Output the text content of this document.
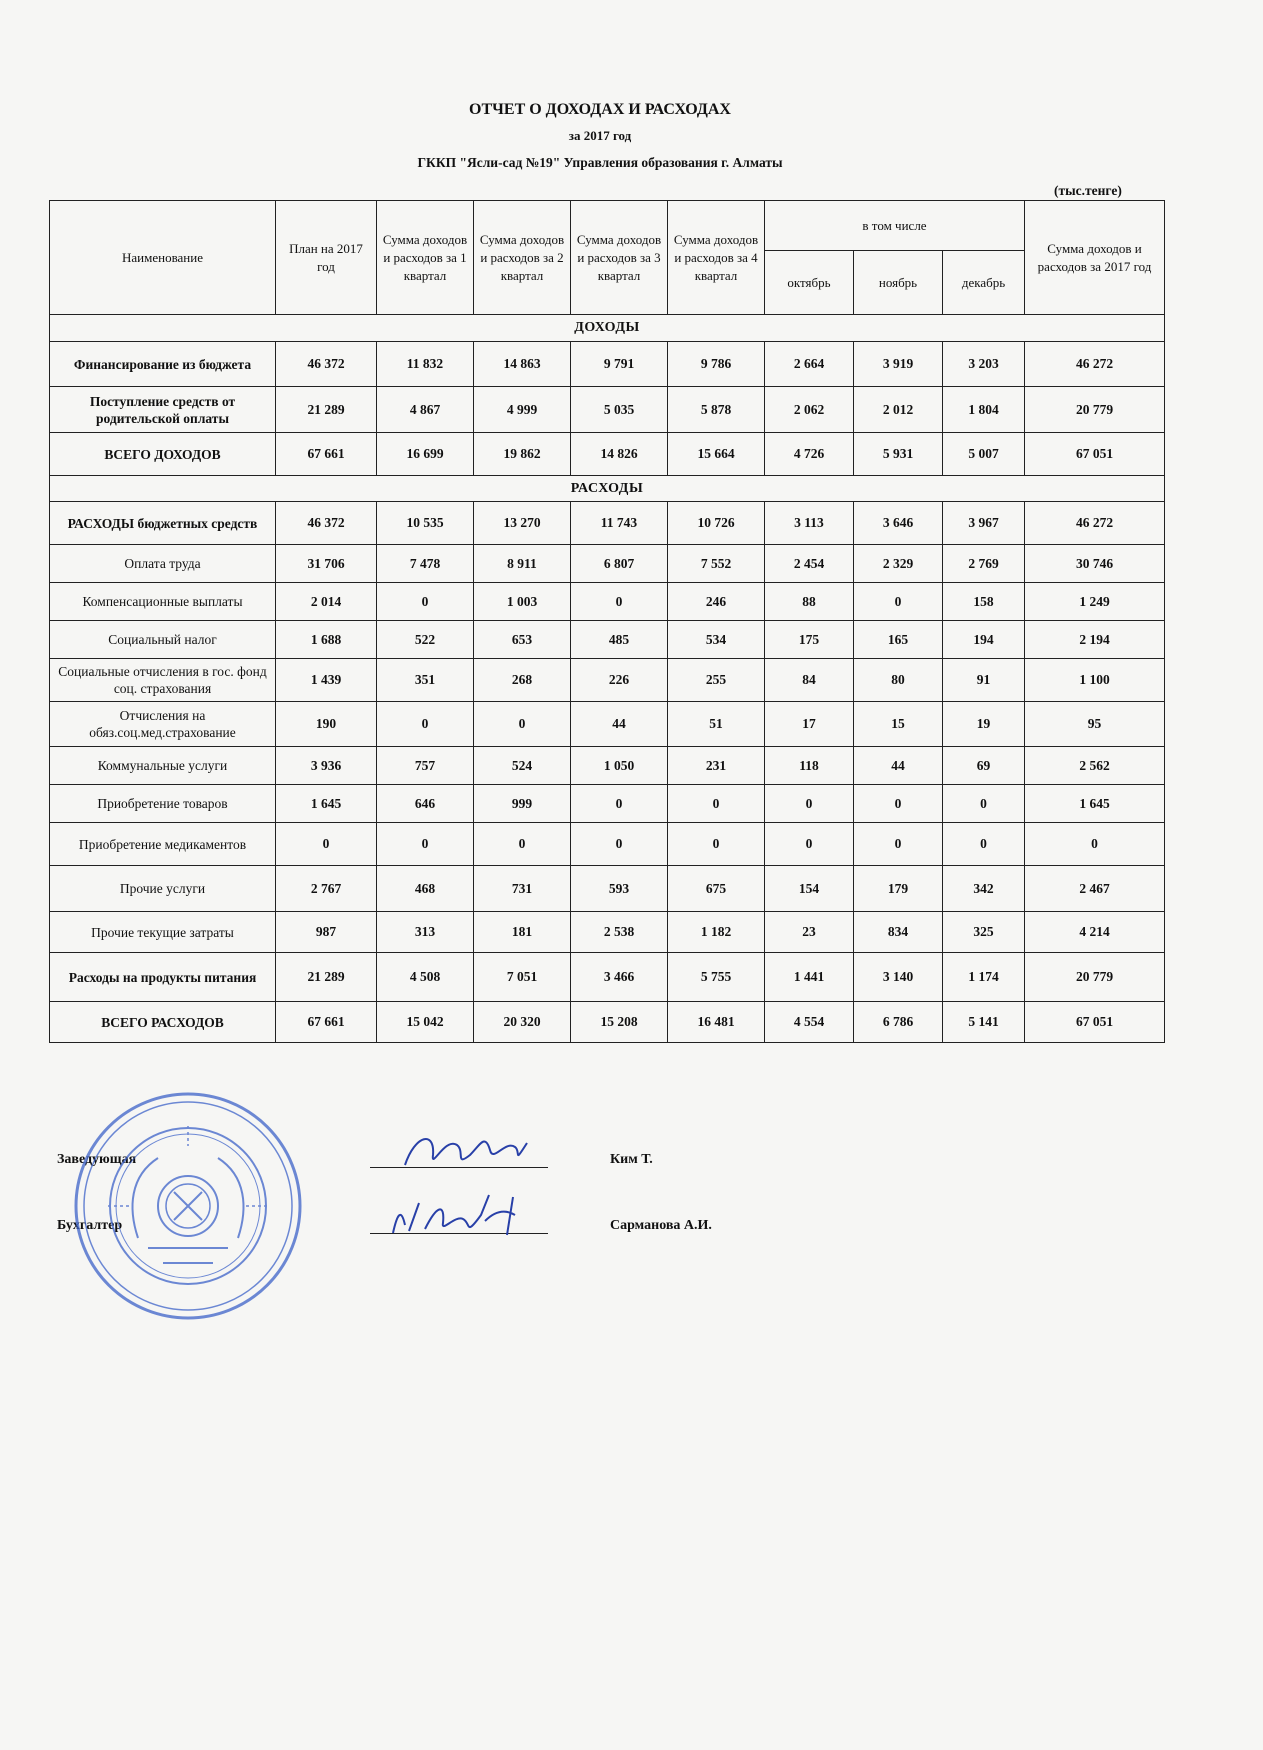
ОТЧЕТ О ДОХОДАХ И РАСХОДАХ
за 2017 год
ГККП "Ясли-сад №19" Управления образования г. Алматы
(тыс.тенге)
Наименование	План на 2017 год	Сумма доходов и расходов за 1 квартал	Сумма доходов и расходов за 2 квартал	Сумма доходов и расходов за 3 квартал	Сумма доходов и расходов за 4 квартал	в том числе			Сумма доходов и расходов за 2017 год
						октябрь	ноябрь	декабрь	
ДОХОДЫ									
Финансирование из бюджета	46 372	11 832	14 863	9 791	9 786	2 664	3 919	3 203	46 272
Поступление средств от родительской оплаты	21 289	4 867	4 999	5 035	5 878	2 062	2 012	1 804	20 779
ВСЕГО ДОХОДОВ	67 661	16 699	19 862	14 826	15 664	4 726	5 931	5 007	67 051
РАСХОДЫ									
РАСХОДЫ бюджетных средств	46 372	10 535	13 270	11 743	10 726	3 113	3 646	3 967	46 272
Оплата труда	31 706	7 478	8 911	6 807	7 552	2 454	2 329	2 769	30 746
Компенсационные выплаты	2 014	0	1 003	0	246	88	0	158	1 249
Социальный налог	1 688	522	653	485	534	175	165	194	2 194
Социальные отчисления в гос. фонд соц. страхования	1 439	351	268	226	255	84	80	91	1 100
Отчисления на обяз.соц.мед.страхование	190	0	0	44	51	17	15	19	95
Коммунальные услуги	3 936	757	524	1 050	231	118	44	69	2 562
Приобретение товаров	1 645	646	999	0	0	0	0	0	1 645
Приобретение медикаментов	0	0	0	0	0	0	0	0	0
Прочие услуги	2 767	468	731	593	675	154	179	342	2 467
Прочие текущие затраты	987	313	181	2 538	1 182	23	834	325	4 214
Расходы на продукты питания	21 289	4 508	7 051	3 466	5 755	1 441	3 140	1 174	20 779
ВСЕГО РАСХОДОВ	67 661	15 042	20 320	15 208	16 481	4 554	6 786	5 141	67 051
Заведующая	Ким Т.
Бухгалтер	Сарманова А.И.
